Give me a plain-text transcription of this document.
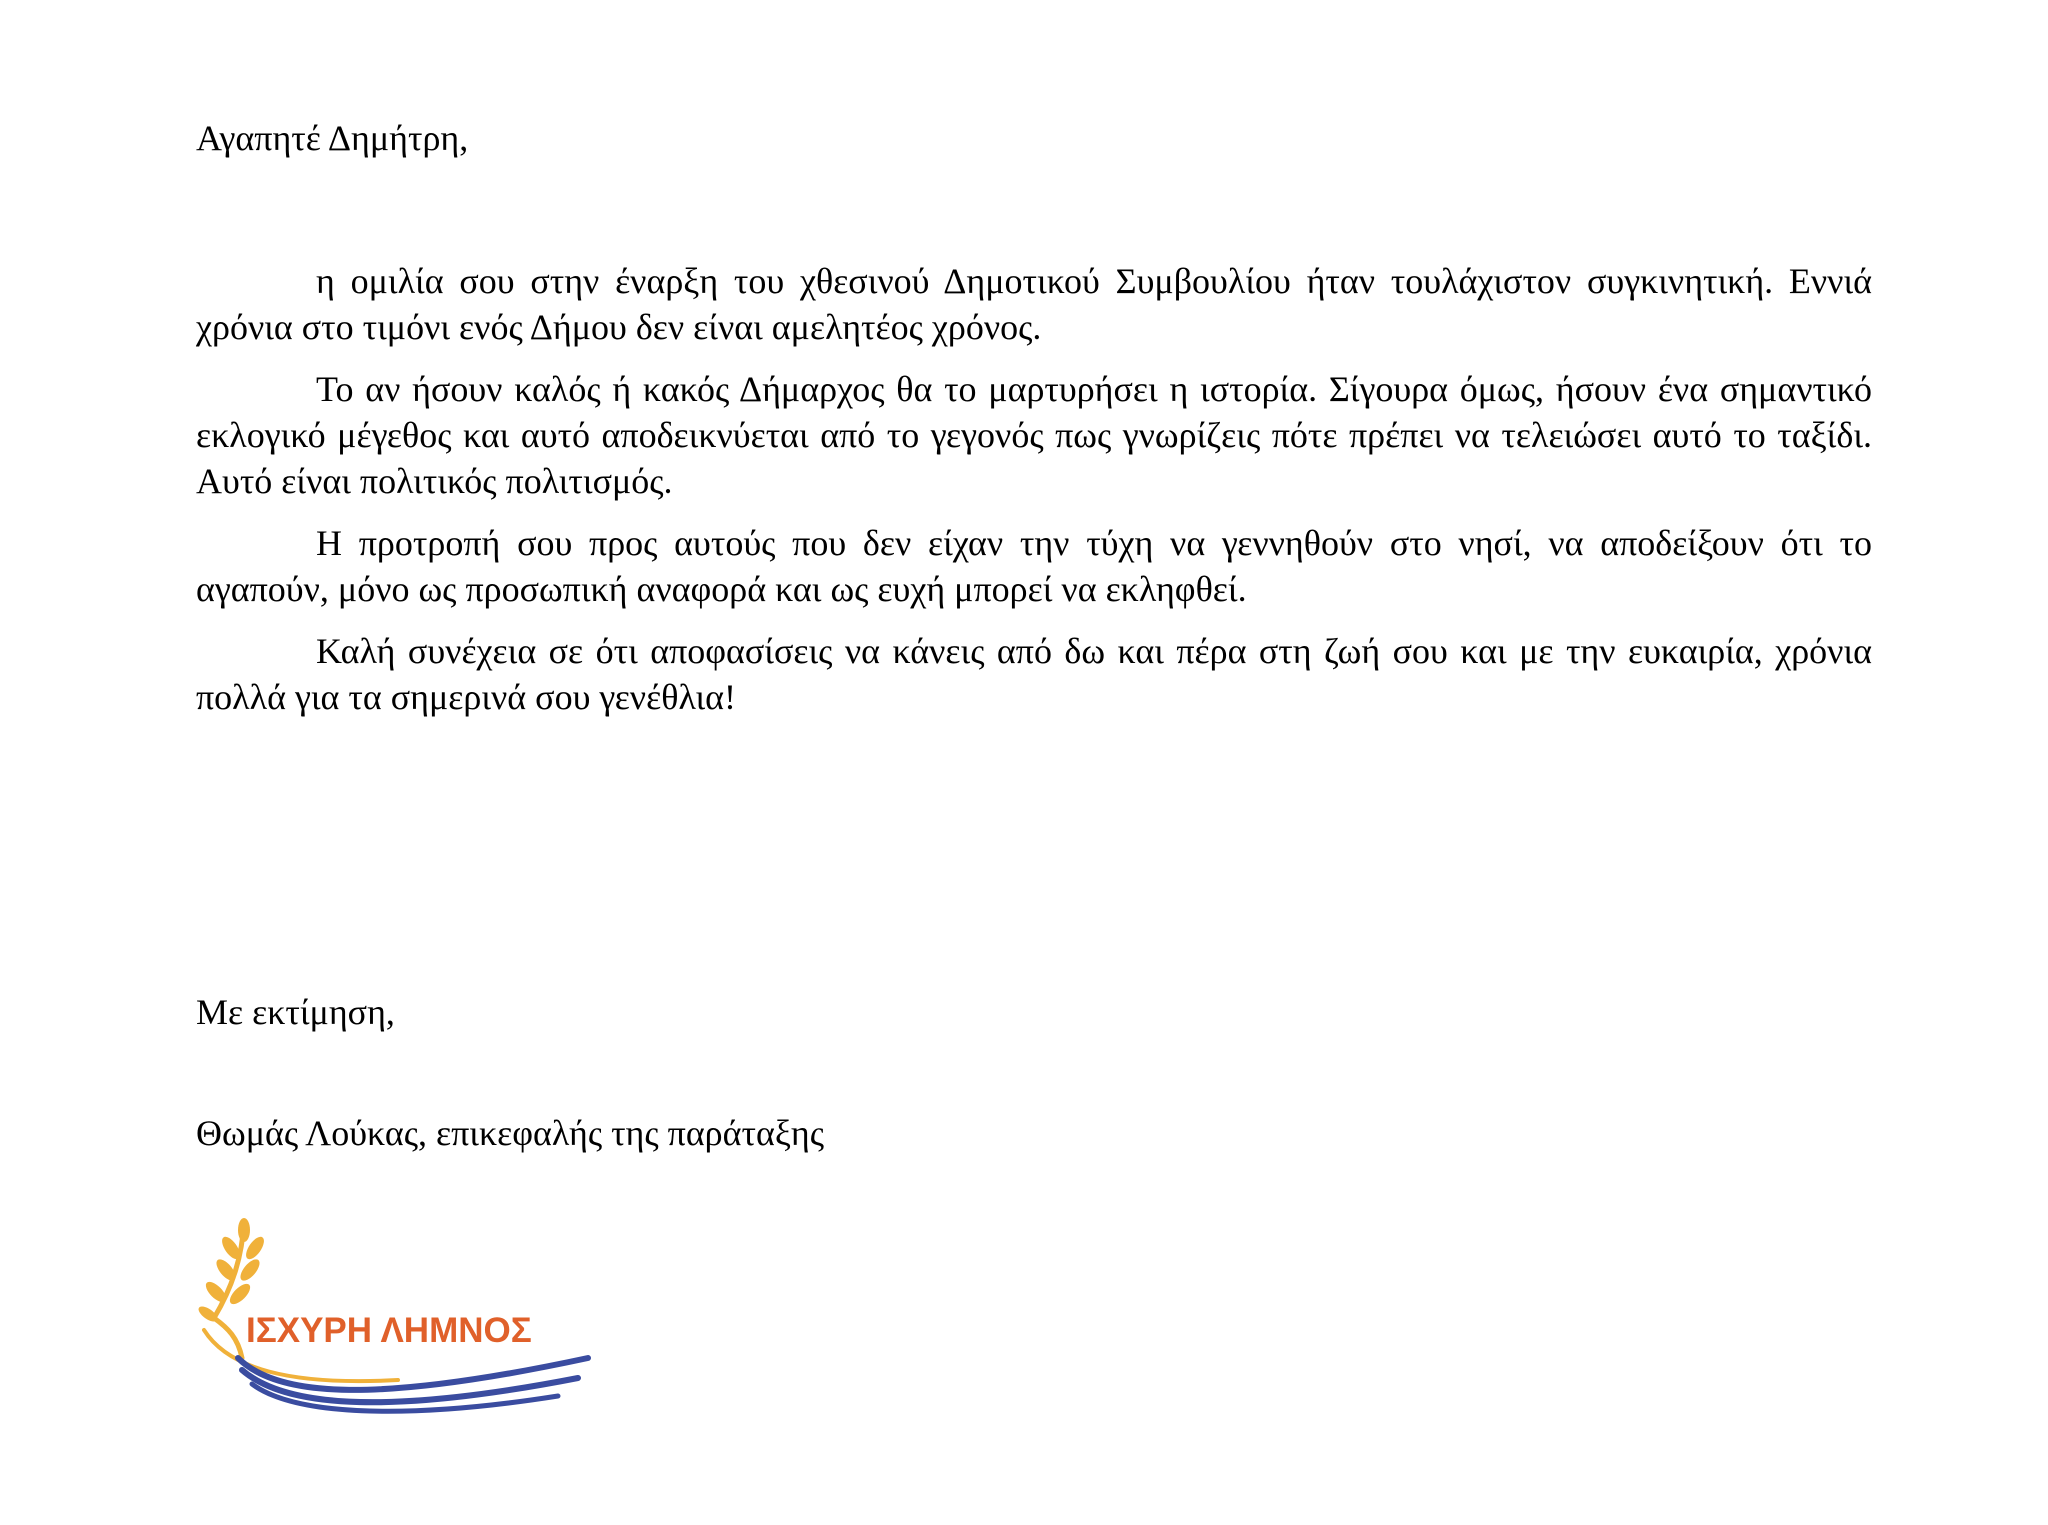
Αγαπητέ Δημήτρη,

η ομιλία σου στην έναρξη του χθεσινού Δημοτικού Συμβουλίου ήταν τουλάχιστον συγκινητική. Εννιά χρόνια στο τιμόνι ενός Δήμου δεν είναι αμελητέος χρόνος.

Το αν ήσουν καλός ή κακός Δήμαρχος θα το μαρτυρήσει η ιστορία. Σίγουρα όμως, ήσουν ένα σημαντικό εκλογικό μέγεθος και αυτό αποδεικνύεται από το γεγονός πως γνωρίζεις πότε πρέπει να τελειώσει αυτό το ταξίδι. Αυτό είναι πολιτικός πολιτισμός.

Η προτροπή σου προς αυτούς που δεν είχαν την τύχη να γεννηθούν στο νησί, να αποδείξουν ότι το αγαπούν, μόνο ως προσωπική αναφορά και ως ευχή μπορεί να εκληφθεί.

Καλή συνέχεια σε ότι αποφασίσεις να κάνεις από δω και πέρα στη ζωή σου και με την ευκαιρία, χρόνια πολλά για τα σημερινά σου γενέθλια!

Με εκτίμηση,

Θωμάς Λούκας, επικεφαλής της παράταξης

ΙΣΧΥΡΗ ΛΗΜΝΟΣ
